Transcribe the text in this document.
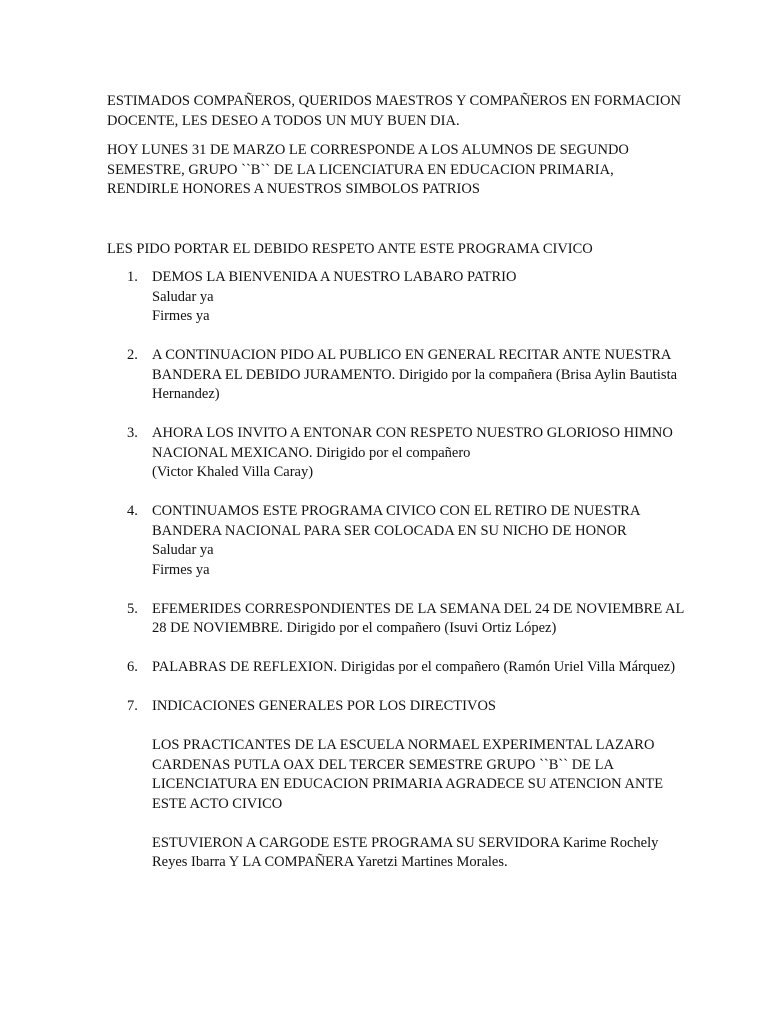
ESTIMADOS COMPAÑEROS, QUERIDOS MAESTROS Y COMPAÑEROS EN FORMACION DOCENTE, LES DESEO A TODOS UN MUY BUEN DIA.

HOY LUNES 31 DE MARZO LE CORRESPONDE A LOS ALUMNOS DE SEGUNDO SEMESTRE, GRUPO ``B`` DE LA LICENCIATURA EN EDUCACION PRIMARIA, RENDIRLE HONORES A NUESTROS SIMBOLOS PATRIOS

LES PIDO PORTAR EL DEBIDO RESPETO ANTE ESTE PROGRAMA CIVICO

1. DEMOS LA BIENVENIDA A NUESTRO LABARO PATRIO
Saludar ya
Firmes ya
2. A CONTINUACION PIDO AL PUBLICO EN GENERAL RECITAR ANTE NUESTRA BANDERA EL DEBIDO JURAMENTO. Dirigido por la compañera (Brisa Aylin Bautista Hernandez)
3. AHORA LOS INVITO A ENTONAR CON RESPETO NUESTRO GLORIOSO HIMNO NACIONAL MEXICANO. Dirigido por el compañero
(Victor Khaled Villa Caray)
4. CONTINUAMOS ESTE PROGRAMA CIVICO CON EL RETIRO DE NUESTRA BANDERA NACIONAL PARA SER COLOCADA EN SU NICHO DE HONOR
Saludar ya
Firmes ya
5. EFEMERIDES CORRESPONDIENTES DE LA SEMANA DEL 24 DE NOVIEMBRE AL 28 DE NOVIEMBRE. Dirigido por el compañero (Isuvi Ortiz López)
6. PALABRAS DE REFLEXION. Dirigidas por el compañero (Ramón Uriel Villa Márquez)
7. INDICACIONES GENERALES POR LOS DIRECTIVOS

LOS PRACTICANTES DE LA ESCUELA NORMAEL EXPERIMENTAL LAZARO CARDENAS PUTLA OAX DEL TERCER SEMESTRE GRUPO ``B`` DE LA LICENCIATURA EN EDUCACION PRIMARIA AGRADECE SU ATENCION ANTE ESTE ACTO CIVICO

ESTUVIERON A CARGODE ESTE PROGRAMA SU SERVIDORA Karime Rochely Reyes Ibarra Y LA COMPAÑERA Yaretzi Martines Morales.
